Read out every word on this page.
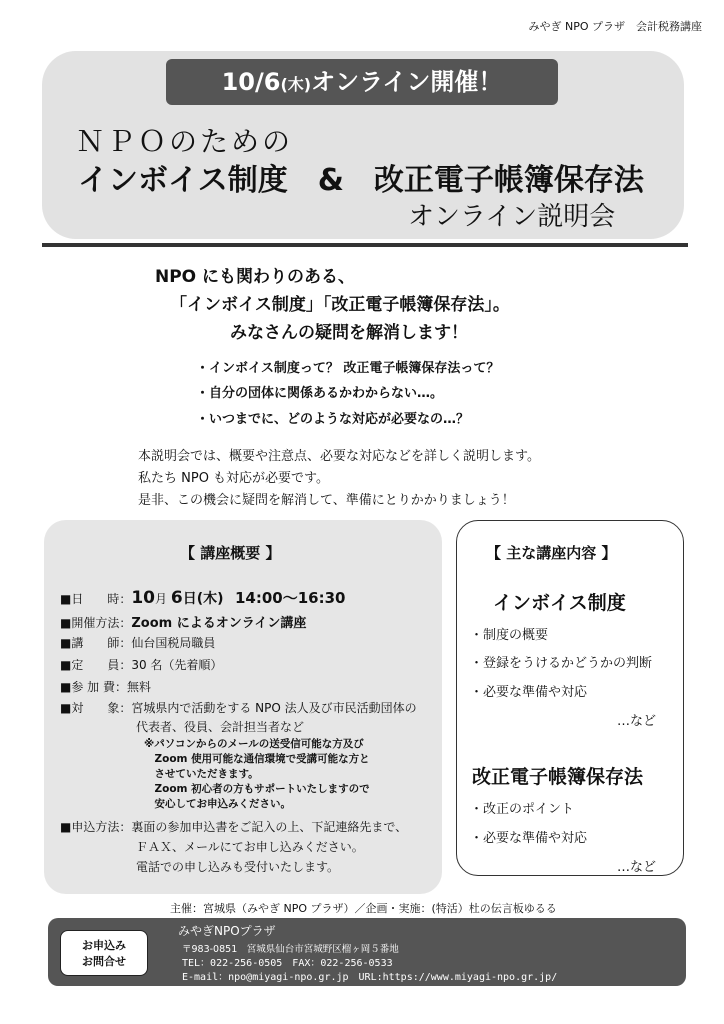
みやぎ NPO プラザ　会計税務講座
10/6(木)オンライン開催！
ＮＰＯのための
インボイス制度　&　改正電子帳簿保存法
オンライン説明会
NPO にも関わりのある、
「インボイス制度」「改正電子帳簿保存法」。
みなさんの疑問を解消します！
・インボイス制度って？ 改正電子帳簿保存法って？
・自分の団体に関係あるかわからない…。
・いつまでに、どのような対応が必要なの…？
本説明会では、概要や注意点、必要な対応などを詳しく説明します。
私たち NPO も対応が必要です。
是非、この機会に疑問を解消して、準備にとりかかりましょう！
【 講座概要 】
■日　　時：10月 6日(木) 14:00～16:30
■開催方法：Zoom によるオンライン講座
■講　　師：仙台国税局職員
■定　　員：30 名（先着順）
■参 加 費：無料
■対　　象：宮城県内で活動をする NPO 法人及び市民活動団体の
代表者、役員、会計担当者など
※パソコンからのメールの送受信可能な方及び
　Zoom 使用可能な通信環境で受講可能な方と
　させていただきます。
　Zoom 初心者の方もサポートいたしますので
　安心してお申込みください。
■申込方法：裏面の参加申込書をご記入の上、下記連絡先まで、
ＦＡＸ、メールにてお申し込みください。
電話での申し込みも受付いたします。
【 主な講座内容 】
インボイス制度
・制度の概要
・登録をうけるかどうかの判断
・必要な準備や対応
…など
改正電子帳簿保存法
・改正のポイント
・必要な準備や対応
…など
主催：宮城県（みやぎ NPO プラザ）／企画・実施：(特活）杜の伝言板ゆるる
お申込み
お問合せ
みやぎNPOプラザ
〒983-0851　宮城県仙台市宮城野区榴ヶ岡５番地
TEL：022-256-0505　FAX：022-256-0533
E-mail：npo@miyagi-npo.gr.jp　URL:https://www.miyagi-npo.gr.jp/
